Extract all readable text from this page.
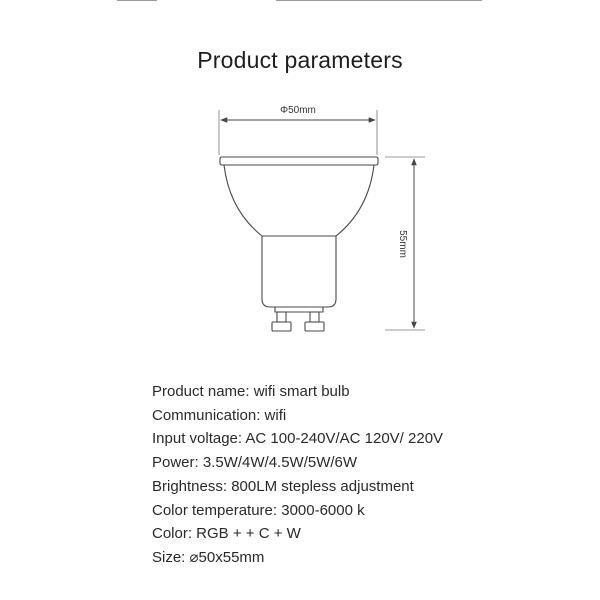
Product parameters
Φ50mm
55mm
Product name: wifi smart bulb
Communication: wifi
Input voltage: AC 100-240V/AC 120V/ 220V
Power: 3.5W/4W/4.5W/5W/6W
Brightness: 800LM stepless adjustment
Color temperature: 3000-6000 k
Color: RGB + + C + W
Size: ⌀50x55mm
